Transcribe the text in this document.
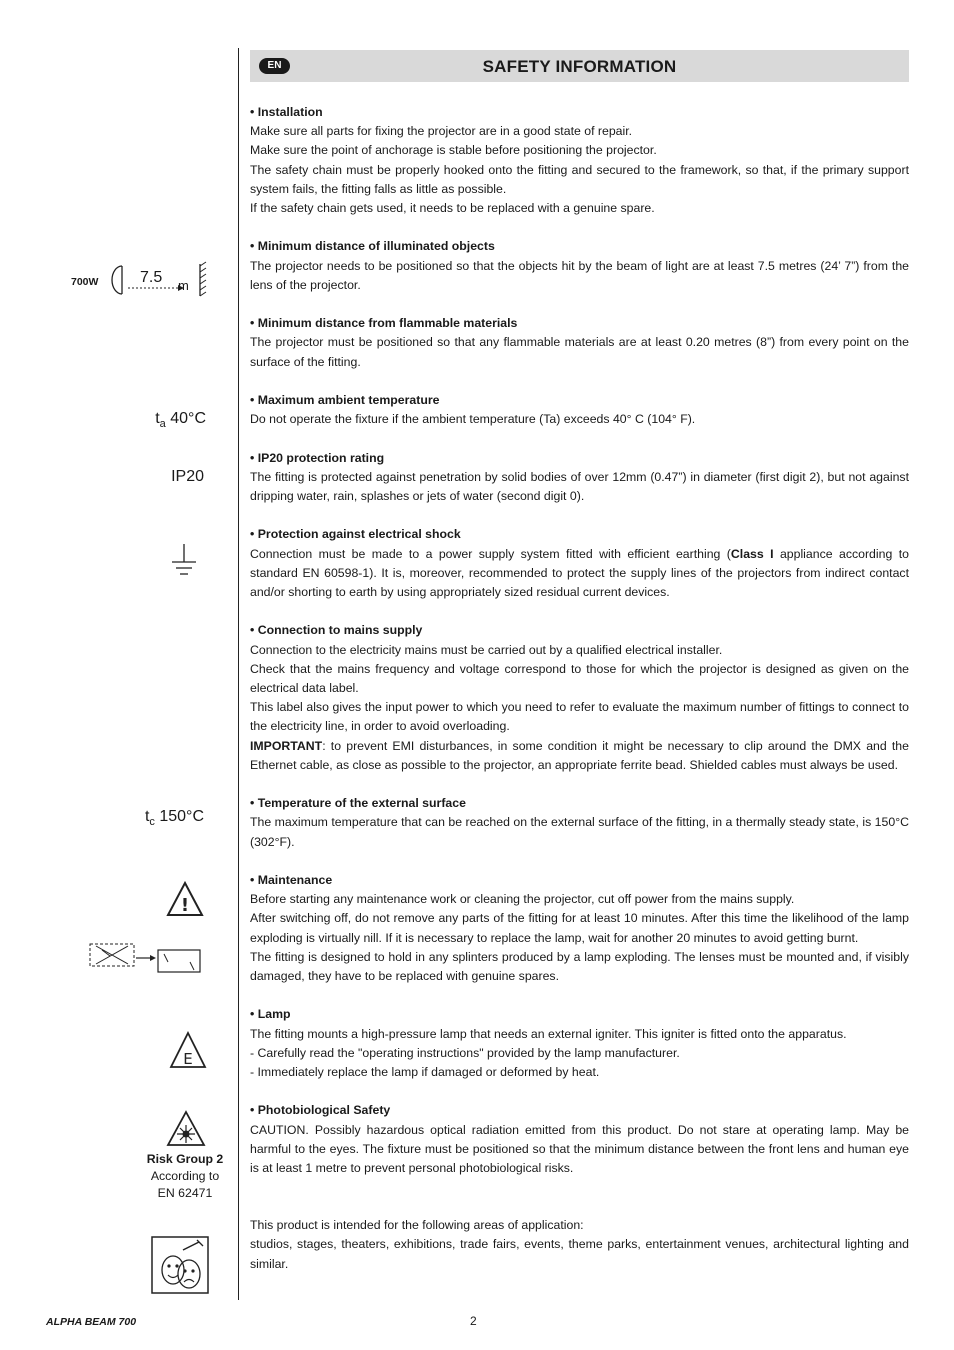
EN	SAFETY INFORMATION
700W	7.5 m
$t_a$ 40°C
IP20
$t_c$ 150°C
!
E
Risk Group 2
According to
EN 62471
• Installation

Make sure all parts for fixing the projector are in a good state of repair.

Make sure the point of anchorage is stable before positioning the projector.

The safety chain must be properly hooked onto the fitting and secured to the framework, so that, if the primary support system fails, the fitting falls as little as possible.

If the safety chain gets used, it needs to be replaced with a genuine spare.

• Minimum distance of illuminated objects

The projector needs to be positioned so that the objects hit by the beam of light are at least 7.5 metres (24’ 7”) from the lens of the projector.

• Minimum distance from flammable materials

The projector must be positioned so that any flammable materials are at least 0.20 metres (8”) from every point on the surface of the fitting.

• Maximum ambient temperature

Do not operate the fixture if the ambient temperature (Ta) exceeds 40° C (104° F).

• IP20 protection rating

The fitting is protected against penetration by solid bodies of over 12mm (0.47”) in diameter (first digit 2), but not against dripping water, rain, splashes or jets of water (second digit 0).

• Protection against electrical shock

Connection must be made to a power supply system fitted with efficient earthing (Class I appliance according to standard EN 60598-1). It is, moreover, recommended to protect the supply lines of the projectors from indirect contact and/or shorting to earth by using appropriately sized residual current devices.

• Connection to mains supply

Connection to the electricity mains must be carried out by a qualified electrical installer.

Check that the mains frequency and voltage correspond to those for which the projector is designed as given on the electrical data label.

This label also gives the input power to which you need to refer to evaluate the maximum number of fittings to connect to the electricity line, in order to avoid overloading.

IMPORTANT: to prevent EMI disturbances, in some condition it might be necessary to clip around the DMX and the Ethernet cable, as close as possible to the projector, an appropriate ferrite bead. Shielded cables must always be used.

• Temperature of the external surface

The maximum temperature that can be reached on the external surface of the fitting, in a thermally steady state, is 150°C (302°F).

• Maintenance

Before starting any maintenance work or cleaning the projector, cut off power from the mains supply.

After switching off, do not remove any parts of the fitting for at least 10 minutes. After this time the likelihood of the lamp exploding is virtually nill. If it is necessary to replace the lamp, wait for another 20 minutes to avoid getting burnt.

The fitting is designed to hold in any splinters produced by a lamp exploding. The lenses must be mounted and, if visibly damaged, they have to be replaced with genuine spares.

• Lamp

The fitting mounts a high-pressure lamp that needs an external igniter. This igniter is fitted onto the apparatus.

- Carefully read the "operating instructions" provided by the lamp manufacturer.

- Immediately replace the lamp if damaged or deformed by heat.

• Photobiological Safety

CAUTION. Possibly hazardous optical radiation emitted from this product. Do not stare at operating lamp. May be harmful to the eyes. The fixture must be positioned so that the minimum distance between the front lens and human eye is at least 1 metre to prevent personal photobiological risks.

This product is intended for the following areas of application:

studios, stages, theaters, exhibitions, trade fairs, events, theme parks, entertainment venues, architectural lighting and similar.

ALPHA BEAM 700	2
